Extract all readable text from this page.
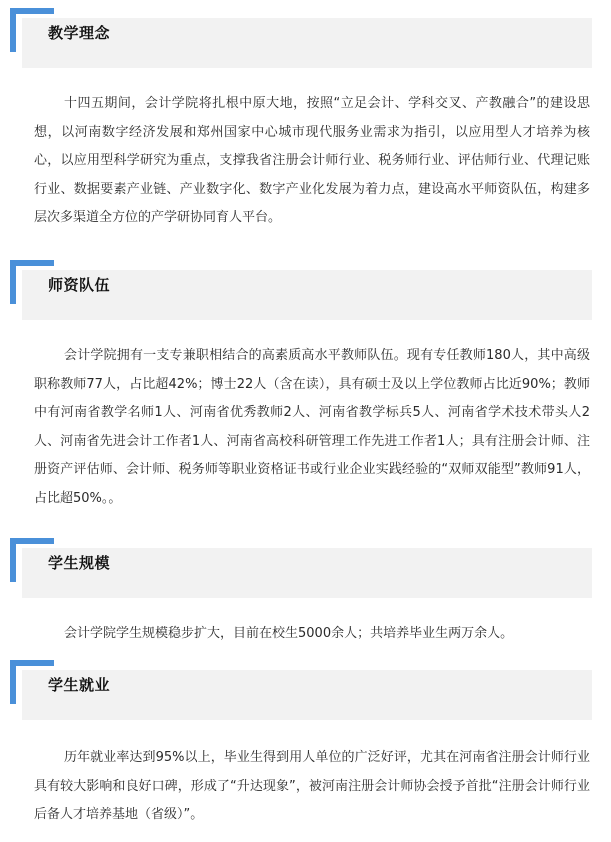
教学理念

十四五期间，会计学院将扎根中原大地，按照“立足会计、学科交叉、产教融合”的建设思想，以河南数字经济发展和郑州国家中心城市现代服务业需求为指引，以应用型人才培养为核心，以应用型科学研究为重点，支撑我省注册会计师行业、税务师行业、评估师行业、代理记账行业、数据要素产业链、产业数字化、数字产业化发展为着力点，建设高水平师资队伍，构建多层次多渠道全方位的产学研协同育人平台。

师资队伍

会计学院拥有一支专兼职相结合的高素质高水平教师队伍。现有专任教师180人，其中高级职称教师77人，占比超42%；博士22人（含在读），具有硕士及以上学位教师占比近90%；教师中有河南省教学名师1人、河南省优秀教师2人、河南省教学标兵5人、河南省学术技术带头人2人、河南省先进会计工作者1人、河南省高校科研管理工作先进工作者1人；具有注册会计师、注册资产评估师、会计师、税务师等职业资格证书或行业企业实践经验的“双师双能型”教师91人，占比超50%。。

学生规模

会计学院学生规模稳步扩大，目前在校生5000余人；共培养毕业生两万余人。

学生就业

历年就业率达到95%以上，毕业生得到用人单位的广泛好评，尤其在河南省注册会计师行业具有较大影响和良好口碑，形成了“升达现象”，被河南注册会计师协会授予首批“注册会计师行业后备人才培养基地（省级）”。
